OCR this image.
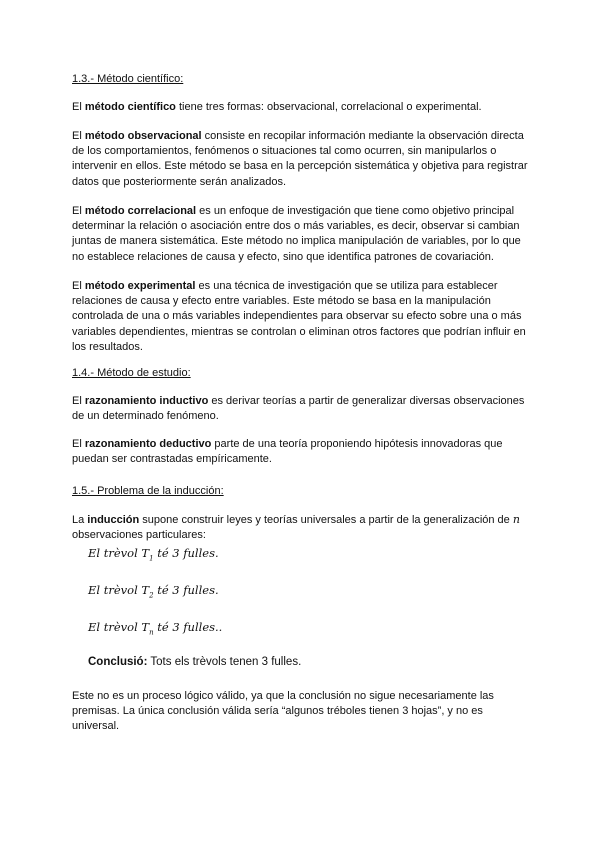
1.3.- Método científico:
El método científico tiene tres formas: observacional, correlacional o experimental.
El método observacional consiste en recopilar información mediante la observación directa de los comportamientos, fenómenos o situaciones tal como ocurren, sin manipularlos o intervenir en ellos. Este método se basa en la percepción sistemática y objetiva para registrar datos que posteriormente serán analizados.
El método correlacional es un enfoque de investigación que tiene como objetivo principal determinar la relación o asociación entre dos o más variables, es decir, observar si cambian juntas de manera sistemática. Este método no implica manipulación de variables, por lo que no establece relaciones de causa y efecto, sino que identifica patrones de covariación.
El método experimental es una técnica de investigación que se utiliza para establecer relaciones de causa y efecto entre variables. Este método se basa en la manipulación controlada de una o más variables independientes para observar su efecto sobre una o más variables dependientes, mientras se controlan o eliminan otros factores que podrían influir en los resultados.
1.4.- Método de estudio:
El razonamiento inductivo es derivar teorías a partir de generalizar diversas observaciones de un determinado fenómeno.
El razonamiento deductivo parte de una teoría proponiendo hipótesis innovadoras que puedan ser contrastadas empíricamente.
1.5.- Problema de la inducción:
La inducción supone construir leyes y teorías universales a partir de la generalización de n observaciones particulares:
El trèvol $T_1$ té 3 fulles.
El trèvol $T_2$ té 3 fulles.
El trèvol $T_n$ té 3 fulles..
Conclusió: Tots els trèvols tenen 3 fulles.
Este no es un proceso lógico válido, ya que la conclusión no sigue necesariamente las premisas. La única conclusión válida sería “algunos tréboles tienen 3 hojas”, y no es universal.
